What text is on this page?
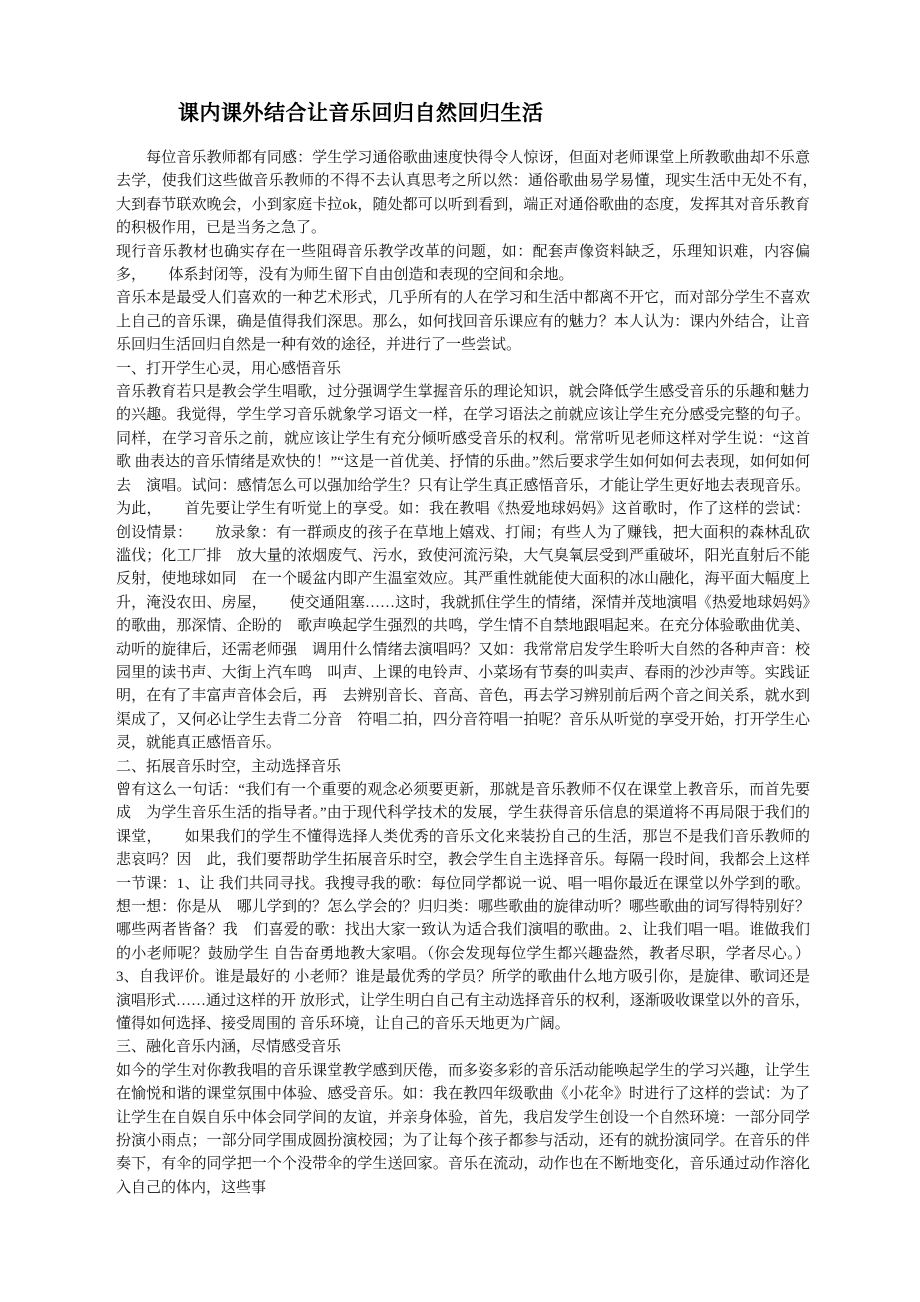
课内课外结合让音乐回归自然回归生活

　　每位音乐教师都有同感：学生学习通俗歌曲速度快得令人惊讶，但面对老师课堂上所教歌曲却不乐意 去学，使我们这些做音乐教师的不得不去认真思考之所以然：通俗歌曲易学易懂，现实生活中无处不有，　　大到春节联欢晚会，小到家庭卡拉ok，随处都可以听到看到，端正对通俗歌曲的态度，发挥其对音乐教育 的积极作用，已是当务之急了。

现行音乐教材也确实存在一些阻碍音乐教学改革的问题，如：配套声像资料缺乏，乐理知识难，内容偏多，　　体系封闭等，没有为师生留下自由创造和表现的空间和余地。

音乐本是最受人们喜欢的一种艺术形式，几乎所有的人在学习和生活中都离不开它，而对部分学生不喜欢　上自己的音乐课，确是值得我们深思。那么，如何找回音乐课应有的魅力？本人认为：课内外结合，让音　乐回归生活回归自然是一种有效的途径，并进行了一些尝试。

一、打开学生心灵，用心感悟音乐

音乐教育若只是教会学生唱歌，过分强调学生掌握音乐的理论知识，就会降低学生感受音乐的乐趣和魅力　的兴趣。我觉得，学生学习音乐就象学习语文一样，在学习语法之前就应该让学生充分感受完整的句子。 同样，在学习音乐之前，就应该让学生有充分倾听感受音乐的权利。常常听见老师这样对学生说：“这首歌 曲表达的音乐情绪是欢快的！”“这是一首优美、抒情的乐曲。”然后要求学生如何如何去表现，如何如何去　演唱。试问：感情怎么可以强加给学生？只有让学生真正感悟音乐，才能让学生更好地去表现音乐。为此，　　首先要让学生有听觉上的享受。如：我在教唱《热爱地球妈妈》这首歌时，作了这样的尝试：创设情景：　　放录象：有一群顽皮的孩子在草地上嬉戏、打闹；有些人为了赚钱，把大面积的森林乱砍滥伐；化工厂排　放大量的浓烟废气、污水，致使河流污染，大气臭氧层受到严重破坏，阳光直射后不能反射，使地球如同　在一个暖盆内即产生温室效应。其严重性就能使大面积的冰山融化，海平面大幅度上升，淹没农田、房屋，　　使交通阻塞……这时，我就抓住学生的情绪，深情并茂地演唱《热爱地球妈妈》的歌曲，那深情、企盼的　歌声唤起学生强烈的共鸣，学生情不自禁地跟唱起来。在充分体验歌曲优美、动听的旋律后，还需老师强　调用什么情绪去演唱吗？又如：我常常启发学生聆听大自然的各种声音：校园里的读书声、大街上汽车鸣　叫声、上课的电铃声、小菜场有节奏的叫卖声、春雨的沙沙声等。实践证明，在有了丰富声音体会后，再　去辨别音长、音高、音色，再去学习辨别前后两个音之间关系，就水到渠成了，又何必让学生去背二分音　符唱二拍，四分音符唱一拍呢？音乐从听觉的享受开始，打开学生心灵，就能真正感悟音乐。

二、拓展音乐时空，主动选择音乐

曾有这么一句话：“我们有一个重要的观念必须要更新，那就是音乐教师不仅在课堂上教音乐，而首先要成　为学生音乐生活的指导者。”由于现代科学技术的发展，学生获得音乐信息的渠道将不再局限于我们的课堂，　　如果我们的学生不懂得选择人类优秀的音乐文化来装扮自己的生活，那岂不是我们音乐教师的悲哀吗？因　此，我们要帮助学生拓展音乐时空，教会学生自主选择音乐。每隔一段时间，我都会上这样一节课：1、让 我们共同寻找。我搜寻我的歌：每位同学都说一说、唱一唱你最近在课堂以外学到的歌。想一想：你是从　哪儿学到的？怎么学会的？归归类：哪些歌曲的旋律动听？哪些歌曲的词写得特别好？哪些两者皆备？我　们喜爱的歌：找出大家一致认为适合我们演唱的歌曲。2、让我们唱一唱。谁做我们的小老师呢？鼓励学生 自告奋勇地教大家唱。（你会发现每位学生都兴趣盎然，教者尽职，学者尽心。）3、自我评价。谁是最好的 小老师？谁是最优秀的学员？所学的歌曲什么地方吸引你，是旋律、歌词还是演唱形式……通过这样的开 放形式，让学生明白自己有主动选择音乐的权利，逐渐吸收课堂以外的音乐，懂得如何选择、接受周围的 音乐环境，让自己的音乐天地更为广阔。

三、融化音乐内涵，尽情感受音乐

如今的学生对你教我唱的音乐课堂教学感到厌倦，而多姿多彩的音乐活动能唤起学生的学习兴趣，让学生　在愉悦和谐的课堂氛围中体验、感受音乐。如：我在教四年级歌曲《小花伞》时进行了这样的尝试：为了　让学生在自娱自乐中体会同学间的友谊，并亲身体验，首先，我启发学生创设一个自然环境：一部分同学　扮演小雨点；一部分同学围成圆扮演校园；为了让每个孩子都参与活动，还有的就扮演同学。在音乐的伴　奏下，有伞的同学把一个个没带伞的学生送回家。音乐在流动，动作也在不断地变化，音乐通过动作溶化　入自己的体内，这些事
